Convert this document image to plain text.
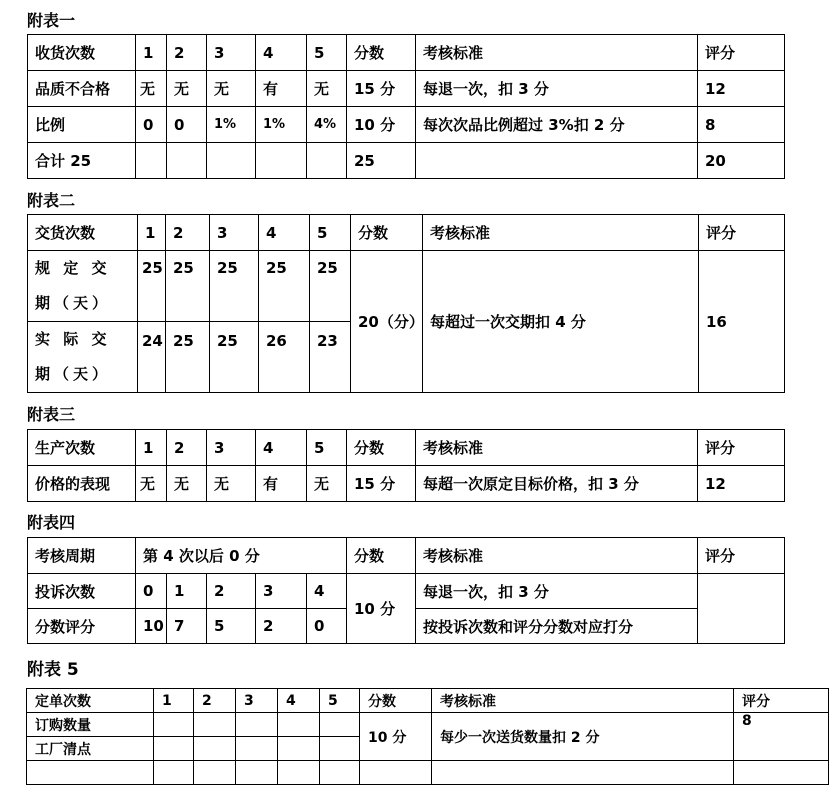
附表一
收货次数	1	2	3	4	5	分数	考核标准	评分
品质不合格	无	无	无	有	无	15 分	每退一次，扣 3 分	12
比例	0	0	1%	1%	4%	10 分	每次次品比例超过 3%扣 2 分	8
合计 25						25		20
附表二
交货次数	1	2	3	4	5	分数	考核标准	评分
规 定 交 期（天）	25	25	25	25	25	20（分）	每超过一次交期扣 4 分	16
实 际 交 期（天）	24	25	25	26	23			
附表三
生产次数	1	2	3	4	5	分数	考核标准	评分
价格的表现	无	无	无	有	无	15 分	每超一次原定目标价格，扣 3 分	12
附表四
考核周期	第 4 次以后 0 分					分数	考核标准	评分
投诉次数	0	1	2	3	4	10 分	每退一次，扣 3 分	
分数评分	10	7	5	2	0		按投诉次数和评分分数对应打分	
附表 5
定单次数	1	2	3	4	5	分数	考核标准	评分
订购数量						10 分	每少一次送货数量扣 2 分	8
工厂清点								
